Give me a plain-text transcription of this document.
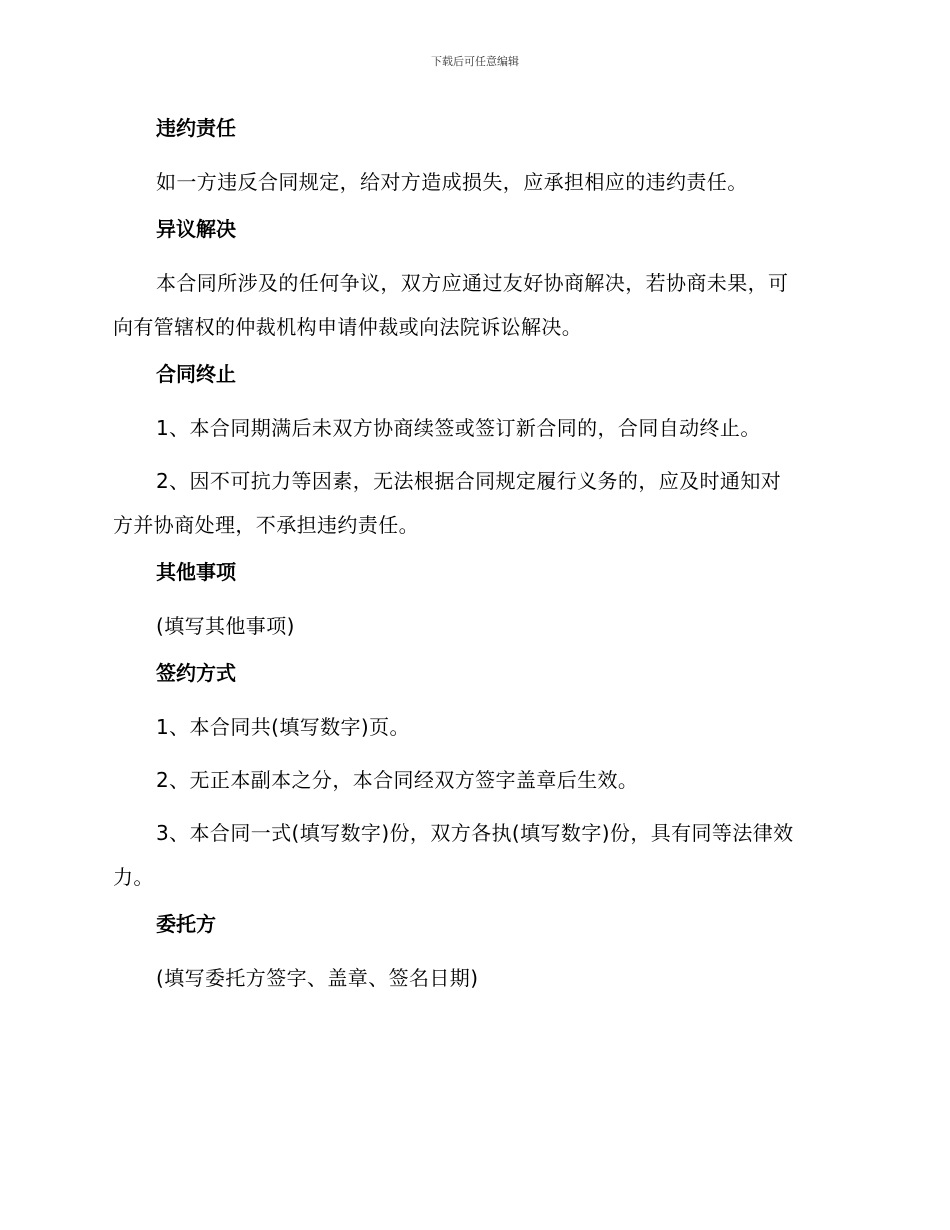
下载后可任意编辑
违约责任
如一方违反合同规定，给对方造成损失，应承担相应的违约责任。
异议解决
本合同所涉及的任何争议，双方应通过友好协商解决，若协商未果，可
向有管辖权的仲裁机构申请仲裁或向法院诉讼解决。
合同终止
1、本合同期满后未双方协商续签或签订新合同的，合同自动终止。
2、因不可抗力等因素，无法根据合同规定履行义务的，应及时通知对
方并协商处理，不承担违约责任。
其他事项
(填写其他事项)
签约方式
1、本合同共(填写数字)页。
2、无正本副本之分，本合同经双方签字盖章后生效。
3、本合同一式(填写数字)份，双方各执(填写数字)份，具有同等法律效
力。
委托方
(填写委托方签字、盖章、签名日期)
